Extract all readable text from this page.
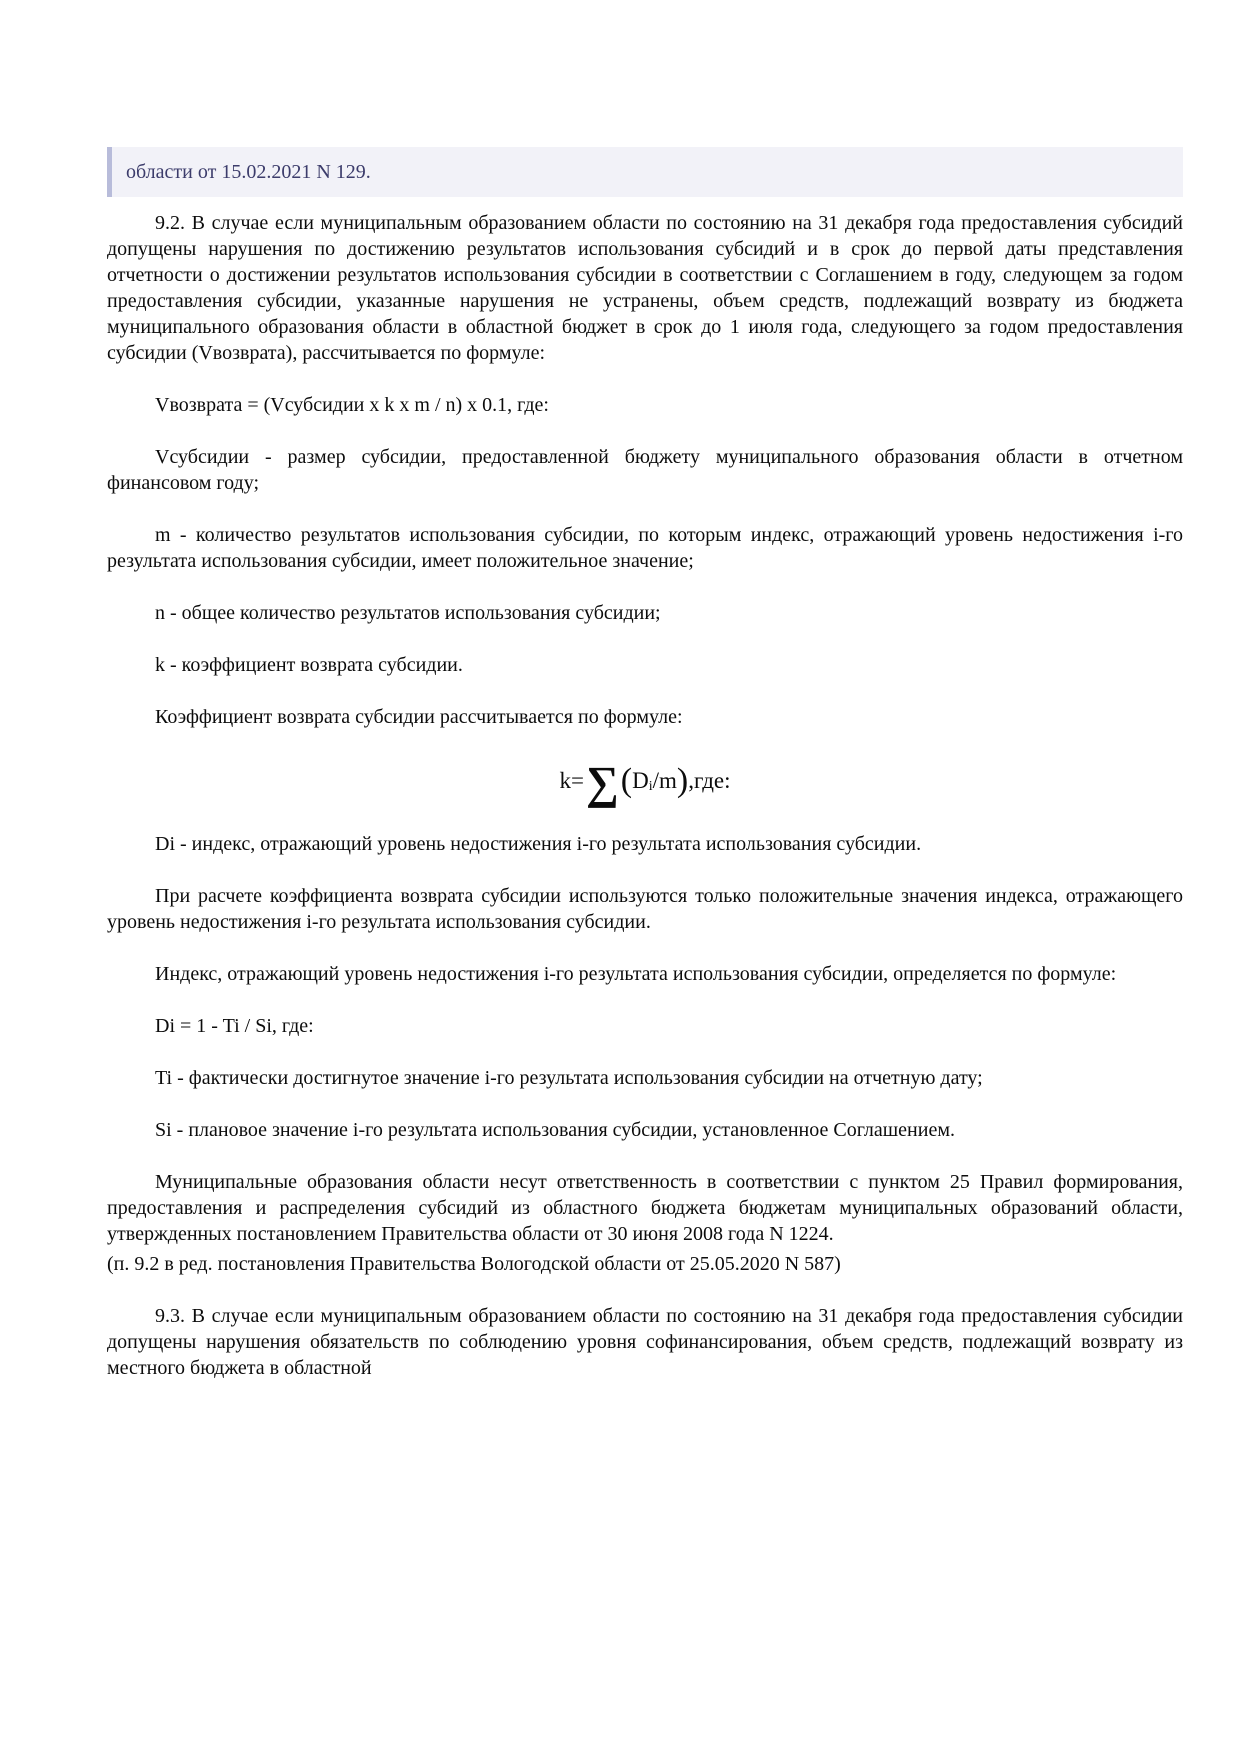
области от 15.02.2021 N 129.

9.2. В случае если муниципальным образованием области по состоянию на 31 декабря года предоставления субсидий допущены нарушения по достижению результатов использования субсидий и в срок до первой даты представления отчетности о достижении результатов использования субсидии в соответствии с Соглашением в году, следующем за годом предоставления субсидии, указанные нарушения не устранены, объем средств, подлежащий возврату из бюджета муниципального образования области в областной бюджет в срок до 1 июля года, следующего за годом предоставления субсидии (Vвозврата), рассчитывается по формуле:

Vвозврата = (Vсубсидии x k x m / n) x 0.1, где:

Vсубсидии - размер субсидии, предоставленной бюджету муниципального образования области в отчетном финансовом году;

m - количество результатов использования субсидии, по которым индекс, отражающий уровень недостижения i-го результата использования субсидии, имеет положительное значение;

n - общее количество результатов использования субсидии;

k - коэффициент возврата субсидии.

Коэффициент возврата субсидии рассчитывается по формуле:

k= ∑ ( D i /m ) ,где:

Di - индекс, отражающий уровень недостижения i-го результата использования субсидии.

При расчете коэффициента возврата субсидии используются только положительные значения индекса, отражающего уровень недостижения i-го результата использования субсидии.

Индекс, отражающий уровень недостижения i-го результата использования субсидии, определяется по формуле:

Di = 1 - Ti / Si, где:

Ti - фактически достигнутое значение i-го результата использования субсидии на отчетную дату;

Si - плановое значение i-го результата использования субсидии, установленное Соглашением.

Муниципальные образования области несут ответственность в соответствии с пунктом 25 Правил формирования, предоставления и распределения субсидий из областного бюджета бюджетам муниципальных образований области, утвержденных постановлением Правительства области от 30 июня 2008 года N 1224.

(п. 9.2 в ред. постановления Правительства Вологодской области от 25.05.2020 N 587)

9.3. В случае если муниципальным образованием области по состоянию на 31 декабря года предоставления субсидии допущены нарушения обязательств по соблюдению уровня софинансирования, объем средств, подлежащий возврату из местного бюджета в областной
